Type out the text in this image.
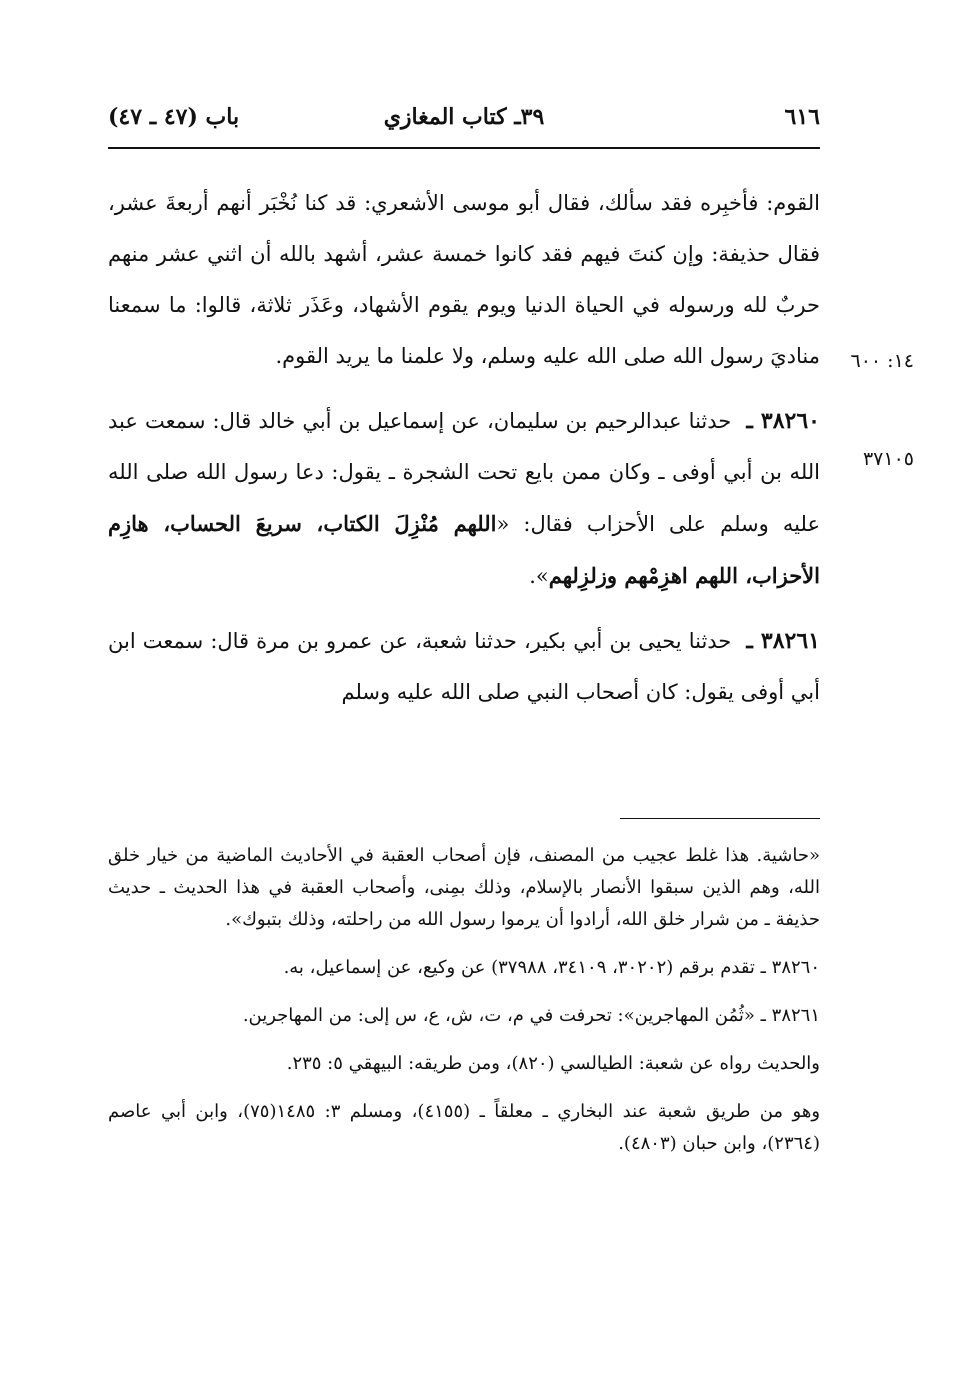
٦١٦
٣٩ـ كتاب المغازي
باب (٤٧ ـ ٤٧)
١٤: ٦٠٠
٣٧١٠٥

القوم: فأخبِره فقد سألك، فقال أبو موسى الأشعري: قد كنا نُخْبَر أنهم أربعةَ عشر، فقال حذيفة: وإن كنتَ فيهم فقد كانوا خمسة عشر، أشهد بالله أن اثني عشر منهم حربٌ لله ورسوله في الحياة الدنيا ويوم يقوم الأشهاد، وعَذَر ثلاثة، قالوا: ما سمعنا مناديَ رسول الله صلى الله عليه وسلم، ولا علمنا ما يريد القوم.

٣٨٢٦٠ ـ حدثنا عبدالرحيم بن سليمان، عن إسماعيل بن أبي خالد قال: سمعت عبد الله بن أبي أوفى ـ وكان ممن بايع تحت الشجرة ـ يقول: دعا رسول الله صلى الله عليه وسلم على الأحزاب فقال: «اللهم مُنْزِلَ الكتاب، سريعَ الحساب، هازِم الأحزاب، اللهم اهزِمْهم وزلزِلهم».

٣٨٢٦١ ـ حدثنا يحيى بن أبي بكير، حدثنا شعبة، عن عمرو بن مرة قال: سمعت ابن أبي أوفى يقول: كان أصحاب النبي صلى الله عليه وسلم

«حاشية. هذا غلط عجيب من المصنف، فإن أصحاب العقبة في الأحاديث الماضية من خيار خلق الله، وهم الذين سبقوا الأنصار بالإسلام، وذلك بمِنى، وأصحاب العقبة في هذا الحديث ـ حديث حذيفة ـ من شرار خلق الله، أرادوا أن يرموا رسول الله من راحلته، وذلك بتبوك».

٣٨٢٦٠ ـ تقدم برقم (٣٠٢٠٢، ٣٤١٠٩، ٣٧٩٨٨) عن وكيع، عن إسماعيل، به.

٣٨٢٦١ ـ «ثُمُن المهاجرين»: تحرفت في م، ت، ش، ع، س إلى: من المهاجرين.

والحديث رواه عن شعبة: الطيالسي (٨٢٠)، ومن طريقه: البيهقي ٥: ٢٣٥.

وهو من طريق شعبة عند البخاري ـ معلقاً ـ (٤١٥٥)، ومسلم ٣: ١٤٨٥(٧٥)، وابن أبي عاصم (٢٣٦٤)، وابن حبان (٤٨٠٣).
